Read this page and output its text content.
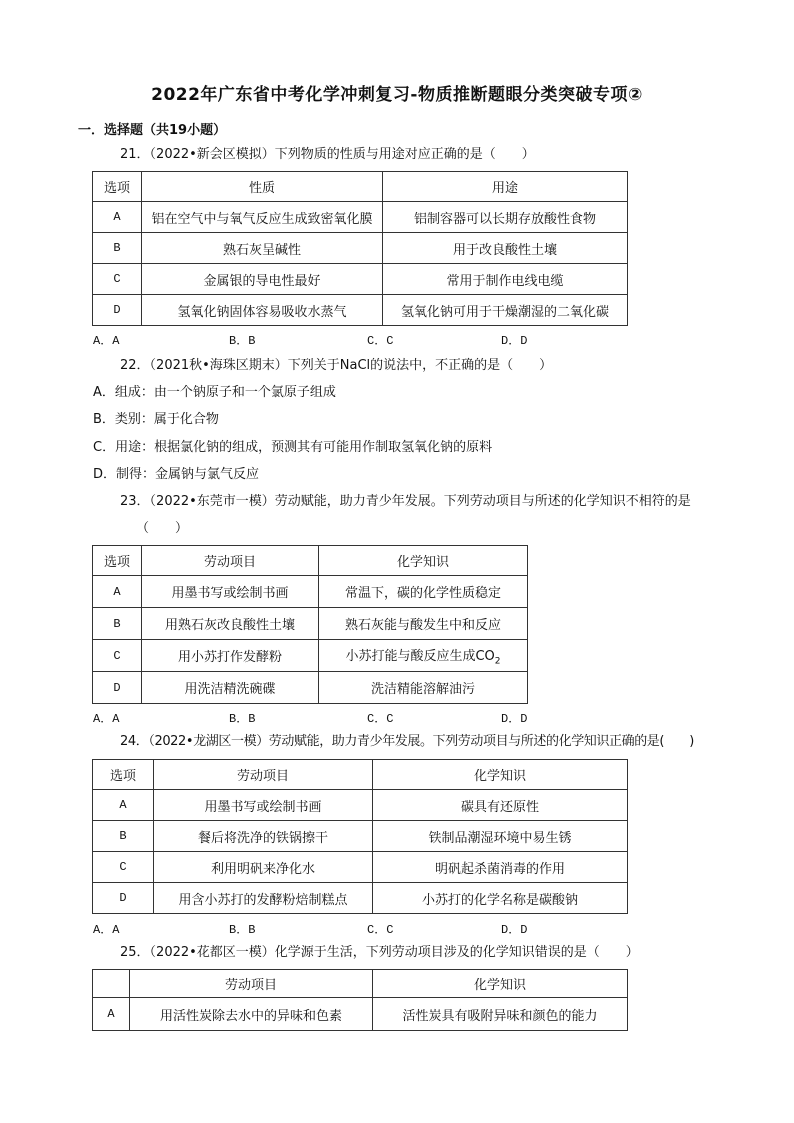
2022年广东省中考化学冲刺复习-物质推断题眼分类突破专项②
一．选择题（共19小题）
21．（2022•新会区模拟）下列物质的性质与用途对应正确的是（　　）
选项	性质	用途
A	铝在空气中与氧气反应生成致密氧化膜	铝制容器可以长期存放酸性食物
B	熟石灰呈碱性	用于改良酸性土壤
C	金属银的导电性最好	常用于制作电线电缆
D	氢氧化钠固体容易吸收水蒸气	氢氧化钠可用于干燥潮湿的二氧化碳
A．A	B．B	C．C	D．D
22．（2021秋•海珠区期末）下列关于NaCl的说法中，不正确的是（　　）
A．组成：由一个钠原子和一个氯原子组成
B．类别：属于化合物
C．用途：根据氯化钠的组成，预测其有可能用作制取氢氧化钠的原料
D．制得：金属钠与氯气反应
23．（2022•东莞市一模）劳动赋能，助力青少年发展。下列劳动项目与所述的化学知识不相符的是
（　　）
选项	劳动项目	化学知识
A	用墨书写或绘制书画	常温下，碳的化学性质稳定
B	用熟石灰改良酸性土壤	熟石灰能与酸发生中和反应
C	用小苏打作发酵粉	小苏打能与酸反应生成$CO_2$
D	用洗洁精洗碗碟	洗洁精能溶解油污
A．A	B．B	C．C	D．D
24．（2022•龙湖区一模）劳动赋能，助力青少年发展。下列劳动项目与所述的化学知识正确的是(　　)
选项	劳动项目	化学知识
A	用墨书写或绘制书画	碳具有还原性
B	餐后将洗净的铁锅擦干	铁制品潮湿环境中易生锈
C	利用明矾来净化水	明矾起杀菌消毒的作用
D	用含小苏打的发酵粉焙制糕点	小苏打的化学名称是碳酸钠
A．A	B．B	C．C	D．D
25．（2022•花都区一模）化学源于生活，下列劳动项目涉及的化学知识错误的是（　　）
	劳动项目	化学知识
A	用活性炭除去水中的异味和色素	活性炭具有吸附异味和颜色的能力
